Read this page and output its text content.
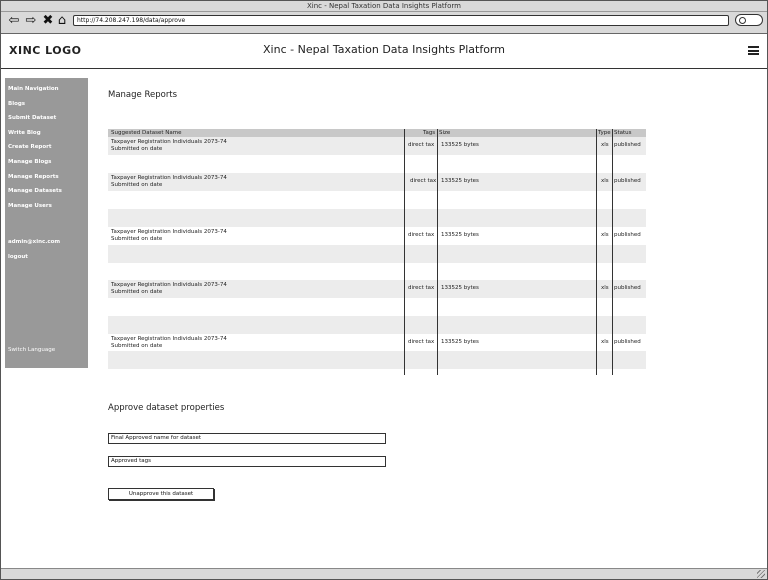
Xinc - Nepal Taxation Data Insights Platform
⇦ ⇨ ✖ ⌂	http://74.208.247.198/data/approve
XINC LOGO	Xinc - Nepal Taxation Data Insights Platform
Main Navigation
Blogs
Submit Dataset
Write Blog
Create Report
Manage Blogs
Manage Reports
Manage Datasets
Manage Users
admin@xinc.com
logout
Switch Language
Manage Reports
Suggested Dataset Name	Tags Size	Type Status
Taxpayer Registration Individuals 2073-74
Submitted on date
direct tax 133525 bytes	xls published
Taxpayer Registration Individuals 2073-74
Submitted on date
direct tax 133525 bytes	xls published
Taxpayer Registration Individuals 2073-74
Submitted on date
direct tax 133525 bytes	xls published
Taxpayer Registration Individuals 2073-74
Submitted on date
direct tax 133525 bytes	xls published
Taxpayer Registration Individuals 2073-74
Submitted on date
direct tax 133525 bytes	xls published
Approve dataset properties
Final Approved name for dataset
Approved tags
Unapprove this dataset
